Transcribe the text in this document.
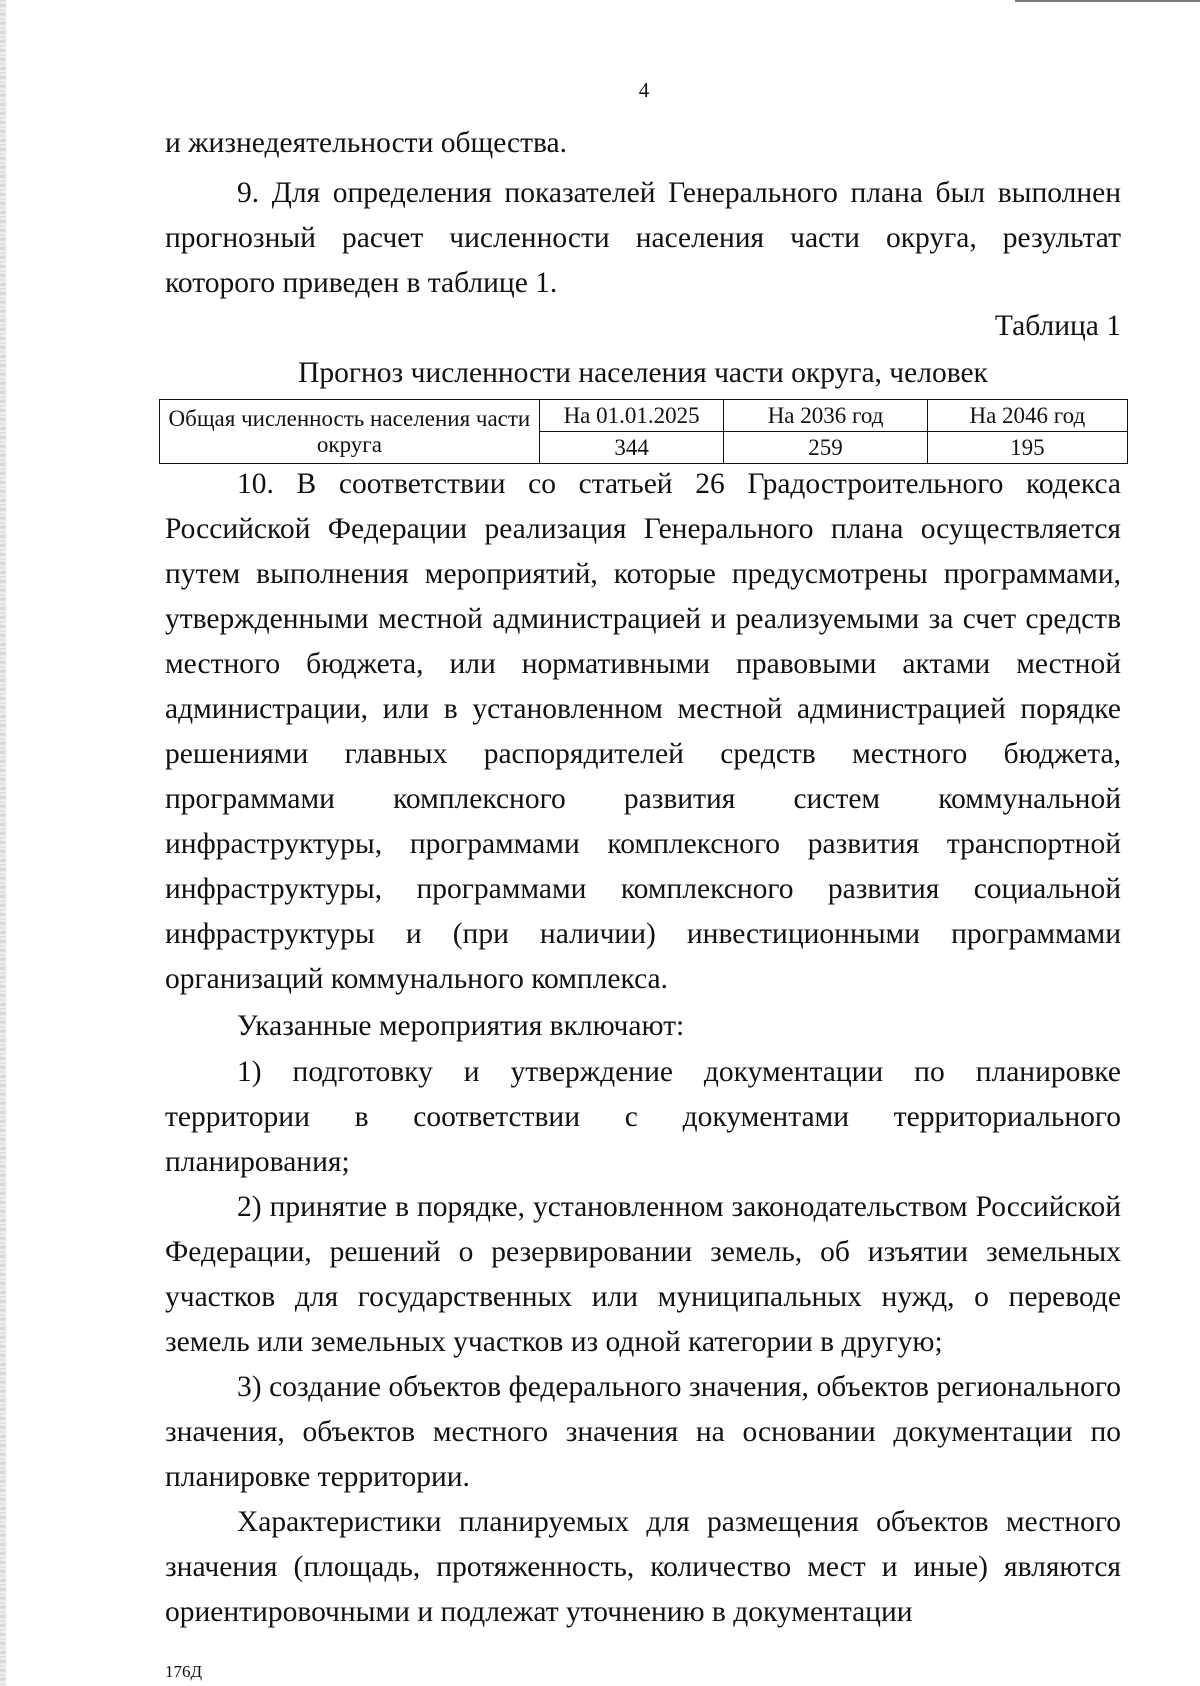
4

и жизнедеятельности общества.

9. Для определения показателей Генерального плана был выполнен прогнозный расчет численности населения части округа, результат которого приведен в таблице 1.

Таблица 1
Прогноз численности населения части округа, человек
Общая численность населения части округа	На 01.01.2025	На 2036 год	На 2046 год
	344	259	195

10. В соответствии со статьей 26 Градостроительного кодекса Российской Федерации реализация Генерального плана осуществляется путем выполнения мероприятий, которые предусмотрены программами, утвержденными местной администрацией и реализуемыми за счет средств местного бюджета, или нормативными правовыми актами местной администрации, или в установленном местной администрацией порядке решениями главных распорядителей средств местного бюджета, программами комплексного развития систем коммунальной инфраструктуры, программами комплексного развития транспортной инфраструктуры, программами комплексного развития социальной инфраструктуры и (при наличии) инвестиционными программами организаций коммунального комплекса.

Указанные мероприятия включают:

1) подготовку и утверждение документации по планировке территории в соответствии с документами территориального планирования;

2) принятие в порядке, установленном законодательством Российской Федерации, решений о резервировании земель, об изъятии земельных участков для государственных или муниципальных нужд, о переводе земель или земельных участков из одной категории в другую;

3) создание объектов федерального значения, объектов регионального значения, объектов местного значения на основании документации по планировке территории.

Характеристики планируемых для размещения объектов местного значения (площадь, протяженность, количество мест и иные) являются ориентировочными и подлежат уточнению в документации

176Д
